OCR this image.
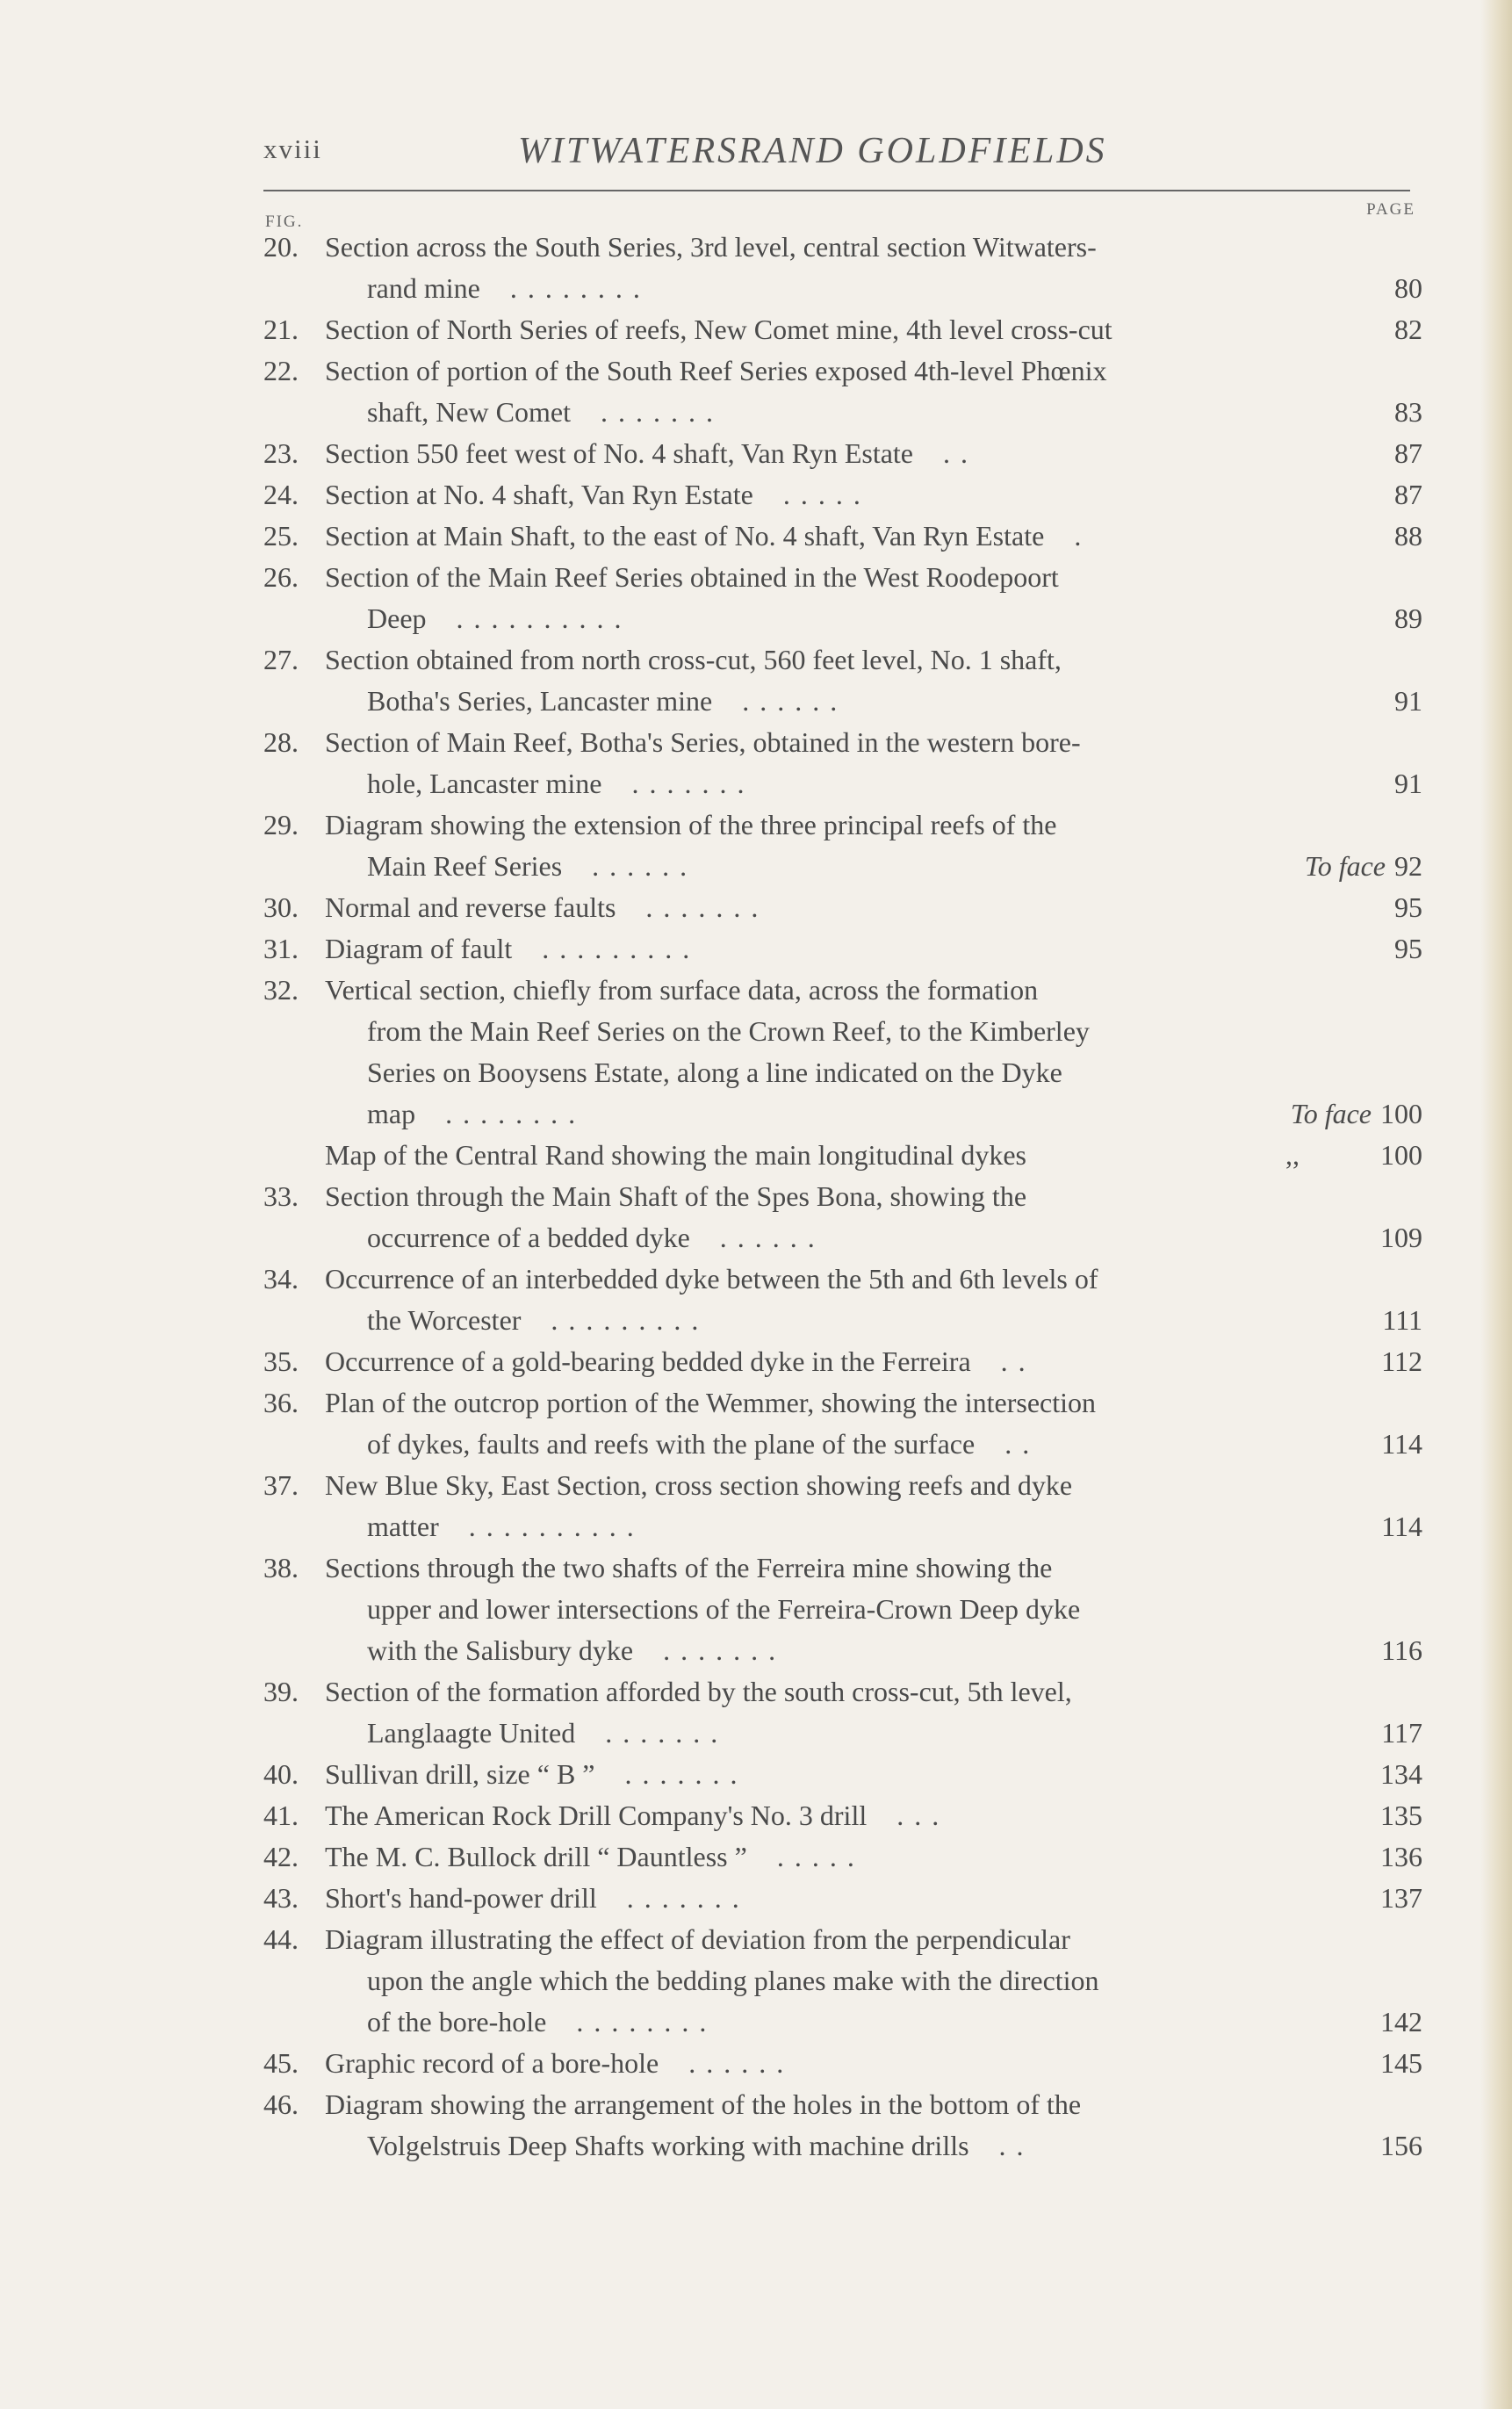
xviii	WITWATERSRAND GOLDFIELDS
FIG.
PAGE
20. Section across the South Series, 3rd level, central section Witwaters-
rand mine    . . . . . . . .	80
21. Section of North Series of reefs, New Comet mine, 4th level cross-cut	82
22. Section of portion of the South Reef Series exposed 4th-level Phœnix
shaft, New Comet    . . . . . . .	83
23. Section 550 feet west of No. 4 shaft, Van Ryn Estate    . .	87
24. Section at No. 4 shaft, Van Ryn Estate    . . . . .	87
25. Section at Main Shaft, to the east of No. 4 shaft, Van Ryn Estate    .	88
26. Section of the Main Reef Series obtained in the West Roodepoort
Deep    . . . . . . . . . .	89
27. Section obtained from north cross-cut, 560 feet level, No. 1 shaft,
Botha's Series, Lancaster mine    . . . . . .	91
28. Section of Main Reef, Botha's Series, obtained in the western bore-
hole, Lancaster mine    . . . . . . .	91
29. Diagram showing the extension of the three principal reefs of the
Main Reef Series    . . . . . .	To face 92
30. Normal and reverse faults    . . . . . . .	95
31. Diagram of fault    . . . . . . . . .	95
32. Vertical section, chiefly from surface data, across the formation
from the Main Reef Series on the Crown Reef, to the Kimberley
Series on Booysens Estate, along a line indicated on the Dyke
map    . . . . . . . .	To face 100
Map of the Central Rand showing the main longitudinal dykes	,,	100
33. Section through the Main Shaft of the Spes Bona, showing the
occurrence of a bedded dyke    . . . . . .	109
34. Occurrence of an interbedded dyke between the 5th and 6th levels of
the Worcester    . . . . . . . . .	111
35. Occurrence of a gold-bearing bedded dyke in the Ferreira    . .	112
36. Plan of the outcrop portion of the Wemmer, showing the intersection
of dykes, faults and reefs with the plane of the surface    . .	114
37. New Blue Sky, East Section, cross section showing reefs and dyke
matter    . . . . . . . . . .	114
38. Sections through the two shafts of the Ferreira mine showing the
upper and lower intersections of the Ferreira-Crown Deep dyke
with the Salisbury dyke    . . . . . . .	116
39. Section of the formation afforded by the south cross-cut, 5th level,
Langlaagte United    . . . . . . .	117
40. Sullivan drill, size “ B ”    . . . . . . .	134
41. The American Rock Drill Company's No. 3 drill    . . .	135
42. The M. C. Bullock drill “ Dauntless ”    . . . . .	136
43. Short's hand-power drill    . . . . . . .	137
44. Diagram illustrating the effect of deviation from the perpendicular
upon the angle which the bedding planes make with the direction
of the bore-hole    . . . . . . . .	142
45. Graphic record of a bore-hole    . . . . . .	145
46. Diagram showing the arrangement of the holes in the bottom of the
Volgelstruis Deep Shafts working with machine drills    . .	156
